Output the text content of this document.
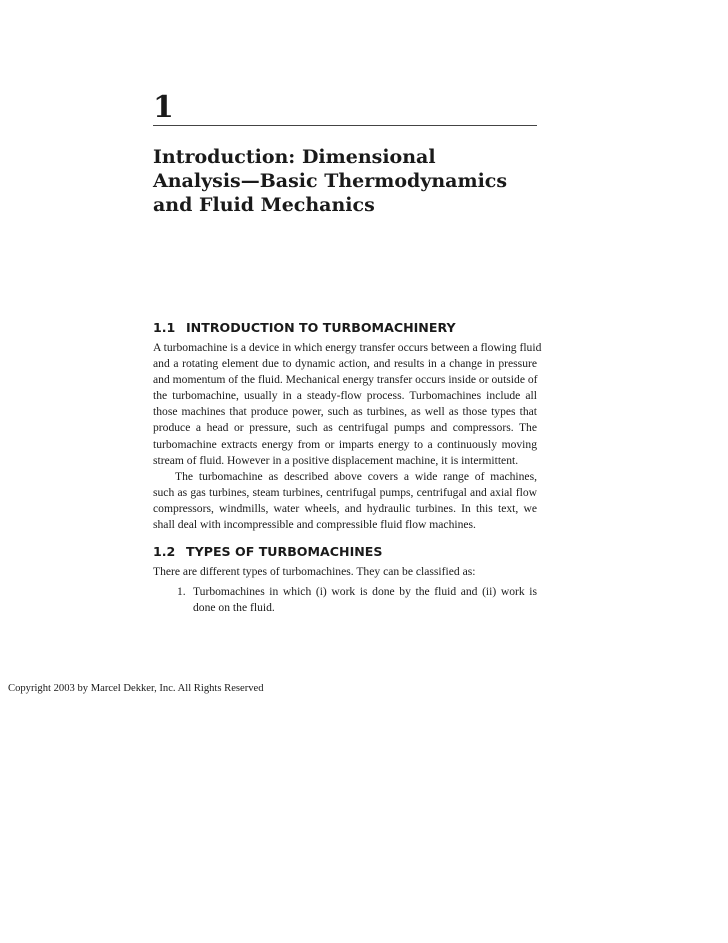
1
Introduction: Dimensional
Analysis—Basic Thermodynamics
and Fluid Mechanics
1.1 INTRODUCTION TO TURBOMACHINERY

A turbomachine is a device in which energy transfer occurs between a flowing fluid
and a rotating element due to dynamic action, and results in a change in pressure
and momentum of the fluid. Mechanical energy transfer occurs inside or outside of
the turbomachine, usually in a steady-flow process. Turbomachines include all
those machines that produce power, such as turbines, as well as those types that
produce a head or pressure, such as centrifugal pumps and compressors. The
turbomachine extracts energy from or imparts energy to a continuously moving
stream of fluid. However in a positive displacement machine, it is intermittent.

The turbomachine as described above covers a wide range of machines,
such as gas turbines, steam turbines, centrifugal pumps, centrifugal and axial flow
compressors, windmills, water wheels, and hydraulic turbines. In this text, we
shall deal with incompressible and compressible fluid flow machines.

1.2 TYPES OF TURBOMACHINES

There are different types of turbomachines. They can be classified as:

1. Turbomachines in which (i) work is done by the fluid and (ii) work is
done on the fluid.
Copyright 2003 by Marcel Dekker, Inc. All Rights Reserved
